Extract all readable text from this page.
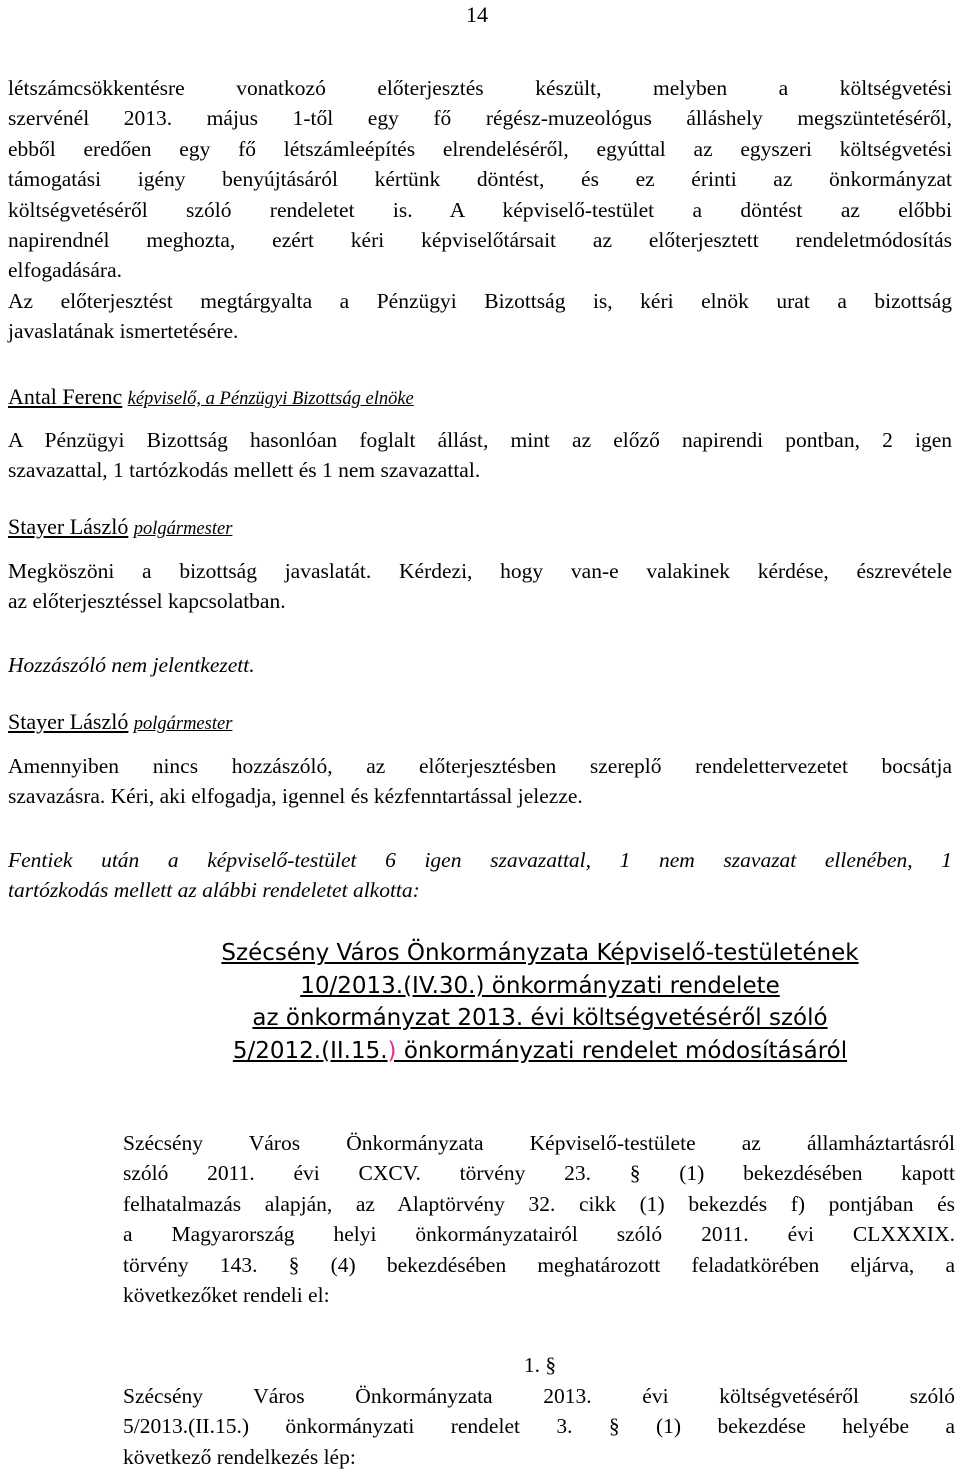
14

létszámcsökkentésre vonatkozó előterjesztés készült, melyben a költségvetési
szervénél 2013. május 1-től egy fő régész-muzeológus álláshely megszüntetéséről,
ebből eredően egy fő létszámleépítés elrendeléséről, egyúttal az egyszeri költségvetési
támogatási igény benyújtásáról kértünk döntést, és ez érinti az önkormányzat
költségvetéséről szóló rendeletet is. A képviselő-testület a döntést az előbbi
napirendnél meghozta, ezért kéri képviselőtársait az előterjesztett rendeletmódosítás
elfogadására.
Az előterjesztést megtárgyalta a Pénzügyi Bizottság is, kéri elnök urat a bizottság
javaslatának ismertetésére.

Antal Ferenc képviselő, a Pénzügyi Bizottság elnöke

A Pénzügyi Bizottság hasonlóan foglalt állást, mint az előző napirendi pontban, 2 igen
szavazattal, 1 tartózkodás mellett és 1 nem szavazattal.

Stayer László polgármester

Megköszöni a bizottság javaslatát. Kérdezi, hogy van-e valakinek kérdése, észrevétele
az előterjesztéssel kapcsolatban.

Hozzászóló nem jelentkezett.
Stayer László polgármester

Amennyiben nincs hozzászóló, az előterjesztésben szereplő rendelettervezetet bocsátja
szavazásra. Kéri, aki elfogadja, igennel és kézfenntartással jelezze.

Fentiek után a képviselő-testület 6 igen szavazattal, 1 nem szavazat ellenében, 1
tartózkodás mellett az alábbi rendeletet alkotta:

Szécsény Város Önkormányzata Képviselő-testületének
10/2013.(IV.30.) önkormányzati rendelete
az önkormányzat 2013. évi költségvetéséről szóló
5/2012.(II.15.) önkormányzati rendelet módosításáról

Szécsény Város Önkormányzata Képviselő-testülete az államháztartásról
szóló 2011. évi CXCV. törvény 23. § (1) bekezdésében kapott
felhatalmazás alapján, az Alaptörvény 32. cikk (1) bekezdés f) pontjában és
a Magyarország helyi önkormányzatairól szóló 2011. évi CLXXXIX.
törvény 143. § (4) bekezdésében meghatározott feladatkörében eljárva, a
következőket rendeli el:

1. §

Szécsény Város Önkormányzata 2013. évi költségvetéséről szóló
5/2013.(II.15.) önkormányzati rendelet 3. § (1) bekezdése helyébe a
következő rendelkezés lép:
